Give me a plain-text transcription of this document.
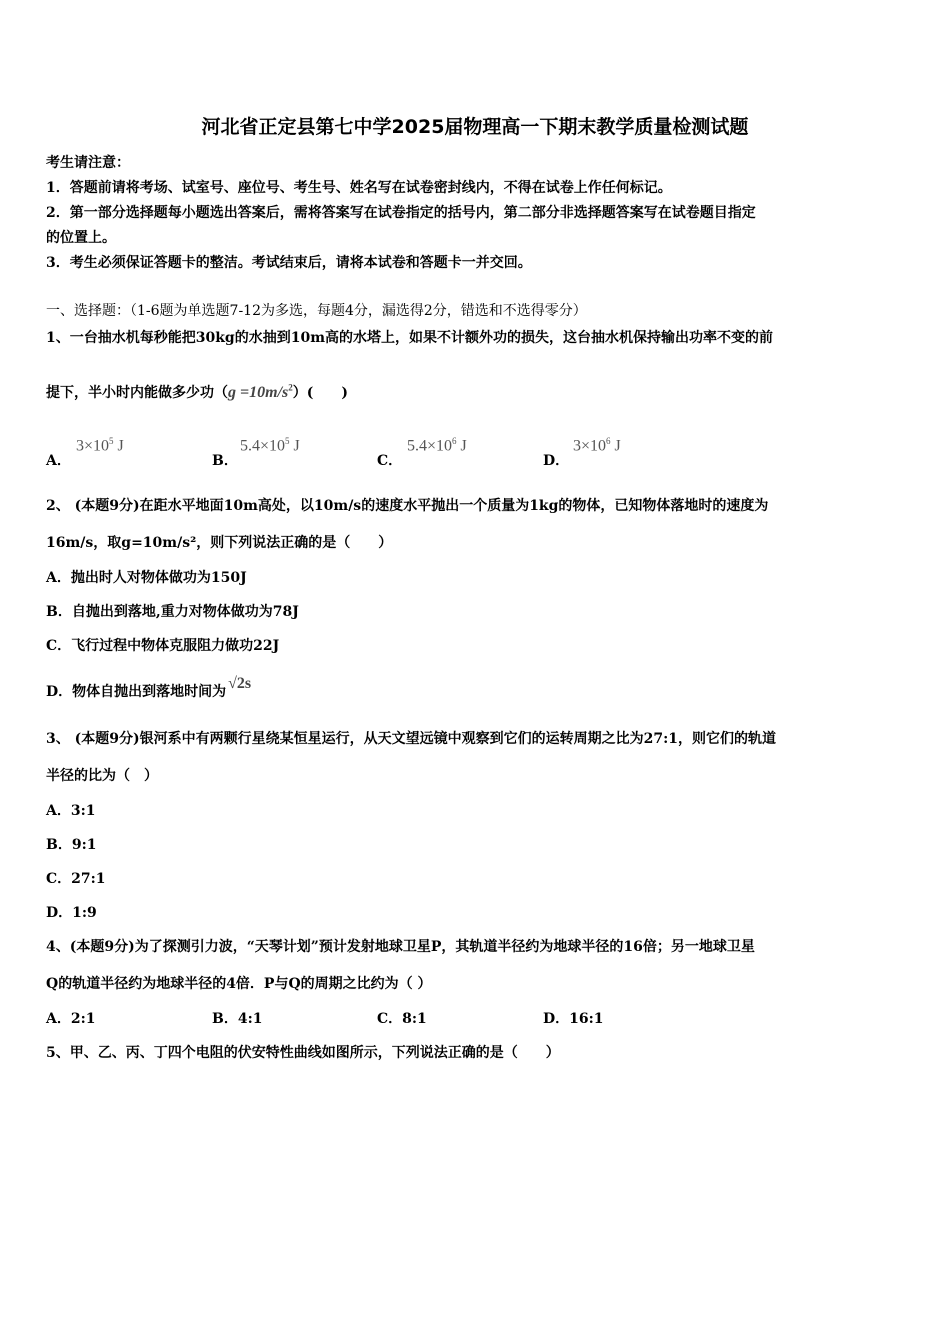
河北省正定县第七中学2025届物理高一下期末教学质量检测试题
考生请注意：
1．答题前请将考场、试室号、座位号、考生号、姓名写在试卷密封线内，不得在试卷上作任何标记。
2．第一部分选择题每小题选出答案后，需将答案写在试卷指定的括号内，第二部分非选择题答案写在试卷题目指定
的位置上。
3．考生必须保证答题卡的整洁。考试结束后，请将本试卷和答题卡一并交回。
一、选择题：（1-6题为单选题7-12为多选，每题4分，漏选得2分，错选和不选得零分）
1、一台抽水机每秒能把30kg的水抽到10m高的水塔上，如果不计额外功的损失，这台抽水机保持输出功率不变的前
提下，半小时内能做多少功$(g =10m/s^2)$(　　)
A．
$3\times 10^5$ J
B．
$5.4\times 10^5$ J
C．
$5.4\times 10^6$ J
D．
$3\times 10^6$ J
2、 (本题9分)在距水平地面10m高处，以10m/s的速度水平抛出一个质量为1kg的物体，已知物体落地时的速度为
16m/s，取g=10m/s²，则下列说法正确的是（　　）
A．抛出时人对物体做功为150J
B．自抛出到落地,重力对物体做功为78J
C．飞行过程中物体克服阻力做功22J
D．物体自抛出到落地时间为 √2s
3、 (本题9分)银河系中有两颗行星绕某恒星运行，从天文望远镜中观察到它们的运转周期之比为27:1，则它们的轨道
半径的比为（　）
A．3:1
B．9:1
C．27:1
D．1:9
4、(本题9分)为了探测引力波，“天琴计划”预计发射地球卫星P，其轨道半径约为地球半径的16倍；另一地球卫星
Q的轨道半径约为地球半径的4倍．P与Q的周期之比约为（ ）
A．2:1	B．4:1	C．8:1	D．16:1
5、甲、乙、丙、丁四个电阻的伏安特性曲线如图所示，下列说法正确的是（　　）
